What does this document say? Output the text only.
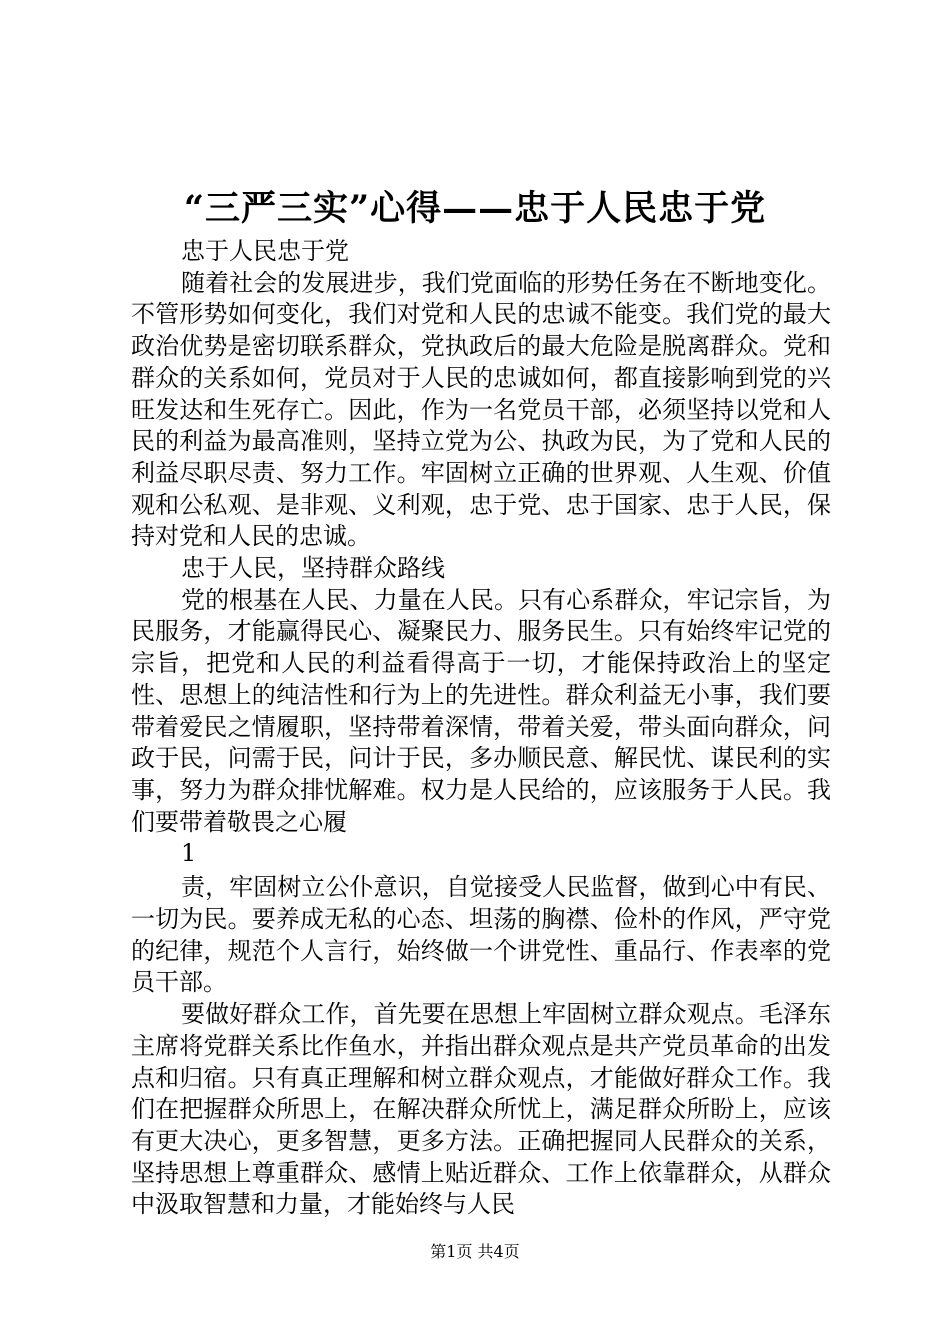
“三严三实”心得——忠于人民忠于党

忠于人民忠于党

随着社会的发展进步，我们党面临的形势任务在不断地变化。不管形势如何变化，我们对党和人民的忠诚不能变。我们党的最大政治优势是密切联系群众，党执政后的最大危险是脱离群众。党和群众的关系如何，党员对于人民的忠诚如何，都直接影响到党的兴旺发达和生死存亡。因此，作为一名党员干部，必须坚持以党和人民的利益为最高准则，坚持立党为公、执政为民，为了党和人民的利益尽职尽责、努力工作。牢固树立正确的世界观、人生观、价值观和公私观、是非观、义利观，忠于党、忠于国家、忠于人民，保持对党和人民的忠诚。

忠于人民，坚持群众路线

党的根基在人民、力量在人民。只有心系群众，牢记宗旨，为民服务，才能赢得民心、凝聚民力、服务民生。只有始终牢记党的宗旨，把党和人民的利益看得高于一切，才能保持政治上的坚定性、思想上的纯洁性和行为上的先进性。群众利益无小事，我们要带着爱民之情履职，坚持带着深情，带着关爱，带头面向群众，问政于民，问需于民，问计于民，多办顺民意、解民忧、谋民利的实事，努力为群众排忧解难。权力是人民给的，应该服务于人民。我们要带着敬畏之心履

1

责，牢固树立公仆意识，自觉接受人民监督，做到心中有民、一切为民。要养成无私的心态、坦荡的胸襟、俭朴的作风，严守党的纪律，规范个人言行，始终做一个讲党性、重品行、作表率的党员干部。

要做好群众工作，首先要在思想上牢固树立群众观点。毛泽东主席将党群关系比作鱼水，并指出群众观点是共产党员革命的出发点和归宿。只有真正理解和树立群众观点，才能做好群众工作。我们在把握群众所思上，在解决群众所忧上，满足群众所盼上，应该有更大决心，更多智慧，更多方法。正确把握同人民群众的关系，坚持思想上尊重群众、感情上贴近群众、工作上依靠群众，从群众中汲取智慧和力量，才能始终与人民

第1页 共4页
